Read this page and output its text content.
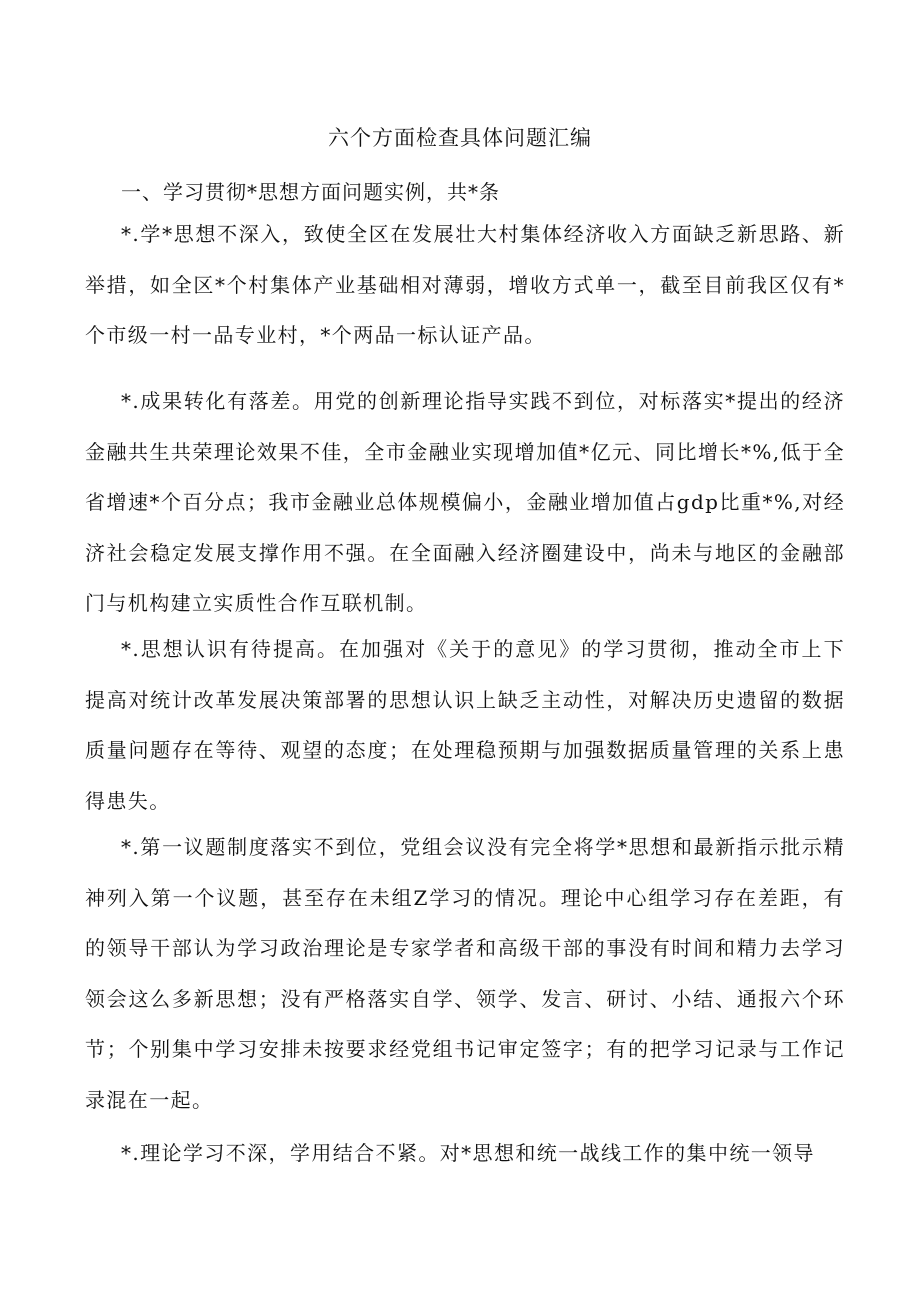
六个方面检查具体问题汇编
一、学习贯彻*思想方面问题实例，共*条

*.学*思想不深入，致使全区在发展壮大村集体经济收入方面缺乏新思路、新举措，如全区*个村集体产业基础相对薄弱，增收方式单一，截至目前我区仅有*个市级一村一品专业村，*个两品一标认证产品。

*.成果转化有落差。用党的创新理论指导实践不到位，对标落实*提出的经济金融共生共荣理论效果不佳，全市金融业实现增加值*亿元、同比增长*%,低于全省增速*个百分点；我市金融业总体规模偏小，金融业增加值占gdp比重*%,对经济社会稳定发展支撑作用不强。在全面融入经济圈建设中，尚未与地区的金融部门与机构建立实质性合作互联机制。

*.思想认识有待提高。在加强对《关于的意见》的学习贯彻，推动全市上下提高对统计改革发展决策部署的思想认识上缺乏主动性，对解决历史遗留的数据质量问题存在等待、观望的态度；在处理稳预期与加强数据质量管理的关系上患得患失。

*.第一议题制度落实不到位，党组会议没有完全将学*思想和最新指示批示精神列入第一个议题，甚至存在未组Z学习的情况。理论中心组学习存在差距，有的领导干部认为学习政治理论是专家学者和高级干部的事没有时间和精力去学习领会这么多新思想；没有严格落实自学、领学、发言、研讨、小结、通报六个环节；个别集中学习安排未按要求经党组书记审定签字；有的把学习记录与工作记录混在一起。

*.理论学习不深，学用结合不紧。对*思想和统一战线工作的集中统一领导
